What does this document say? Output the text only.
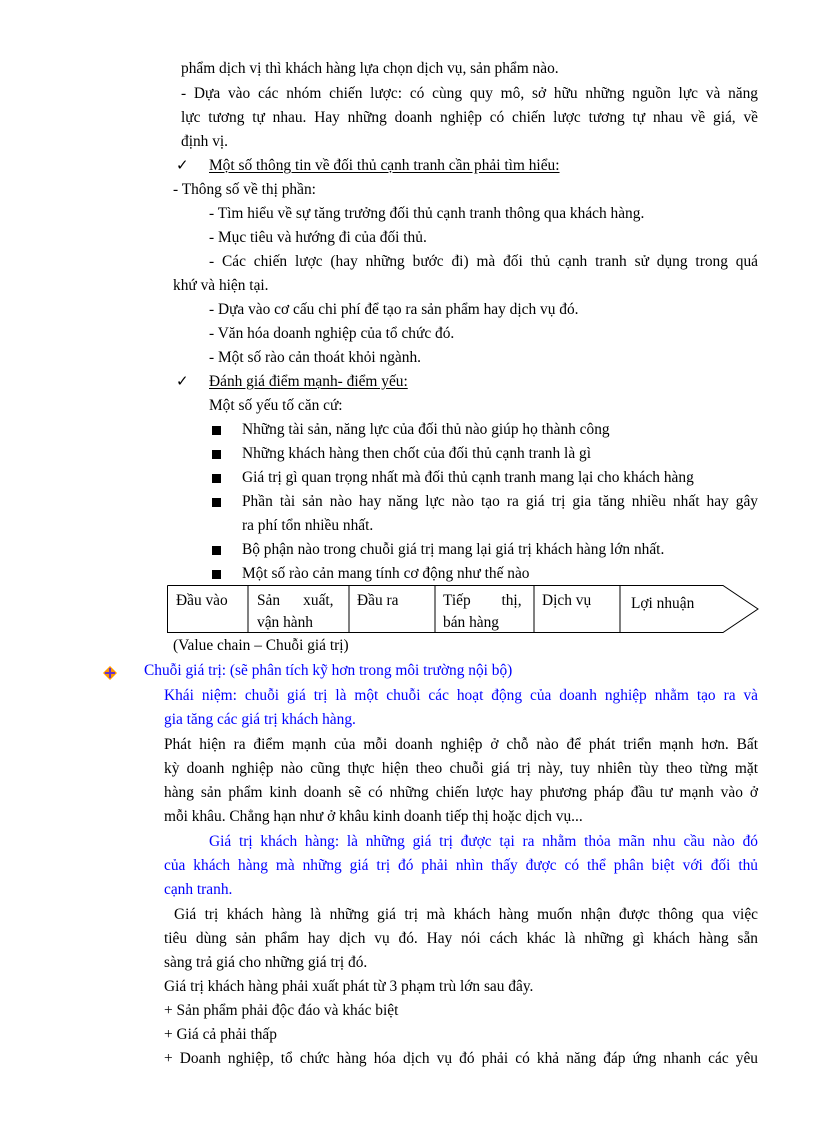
phẩm dịch vị thì khách hàng lựa chọn dịch vụ, sản phẩm nào.
- Dựa vào các nhóm chiến lược: có cùng quy mô, sở hữu những nguồn lực và năng
lực tương tự nhau. Hay những doanh nghiệp có chiến lược tương tự nhau về giá, về
định vị.
✓ Một số thông tin về đối thủ cạnh tranh cần phải tìm hiểu:
- Thông số về thị phần:
- Tìm hiểu về sự tăng trưởng đối thủ cạnh tranh thông qua khách hàng.
- Mục tiêu và hướng đi của đối thủ.
- Các chiến lược (hay những bước đi) mà đối thủ cạnh tranh sử dụng trong quá
khứ và hiện tại.
- Dựa vào cơ cấu chi phí để tạo ra sản phẩm hay dịch vụ đó.
- Văn hóa doanh nghiệp của tổ chức đó.
- Một số rào cản thoát khỏi ngành.
✓ Đánh giá điểm mạnh- điểm yếu:
Một số yếu tố căn cứ:
Những tài sản, năng lực của đối thủ nào giúp họ thành công
Những khách hàng then chốt của đối thủ cạnh tranh là gì
Giá trị gì quan trọng nhất mà đối thủ cạnh tranh mang lại cho khách hàng
Phần tài sản nào hay năng lực nào tạo ra giá trị gia tăng nhiều nhất hay gây
ra phí tổn nhiều nhất.
Bộ phận nào trong chuỗi giá trị mang lại giá trị khách hàng lớn nhất.
Một số rào cản mang tính cơ động như thế nào
Đầu vào Sản      xuất,
vận hành
Đầu ra	Tiếp        thị,
bán hàng
Dịch vụ	Lợi nhuận
(Value chain – Chuỗi giá trị)
Chuỗi giá trị: (sẽ phân tích kỹ hơn trong môi trường nội bộ)
Khái niệm: chuỗi giá trị là một chuỗi các hoạt động của doanh nghiệp nhằm tạo ra và
gia tăng các giá trị khách hàng.
Phát hiện ra điểm mạnh của mỗi doanh nghiệp ở chỗ nào để phát triển mạnh hơn. Bất
kỳ doanh nghiệp nào cũng thực hiện theo chuỗi giá trị này, tuy nhiên tùy theo từng mặt
hàng sản phẩm kinh doanh sẽ có những chiến lược hay phương pháp đầu tư mạnh vào ở
mỗi khâu. Chẳng hạn như ở khâu kinh doanh tiếp thị hoặc dịch vụ...
Giá trị khách hàng: là những giá trị được tại ra nhằm thỏa mãn nhu cầu nào đó
của khách hàng mà những giá trị đó phải nhìn thấy được có thể phân biệt với đối thủ
cạnh tranh.
Giá trị khách hàng là những giá trị mà khách hàng muốn nhận được thông qua việc
tiêu dùng sản phẩm hay dịch vụ đó. Hay nói cách khác là những gì khách hàng sẵn
sàng trả giá cho những giá trị đó.
Giá trị khách hàng phải xuất phát từ 3 phạm trù lớn sau đây.
+ Sản phẩm phải độc đáo và khác biệt
+ Giá cả phải thấp
+ Doanh nghiệp, tổ chức hàng hóa dịch vụ đó phải có khả năng đáp ứng nhanh các yêu
